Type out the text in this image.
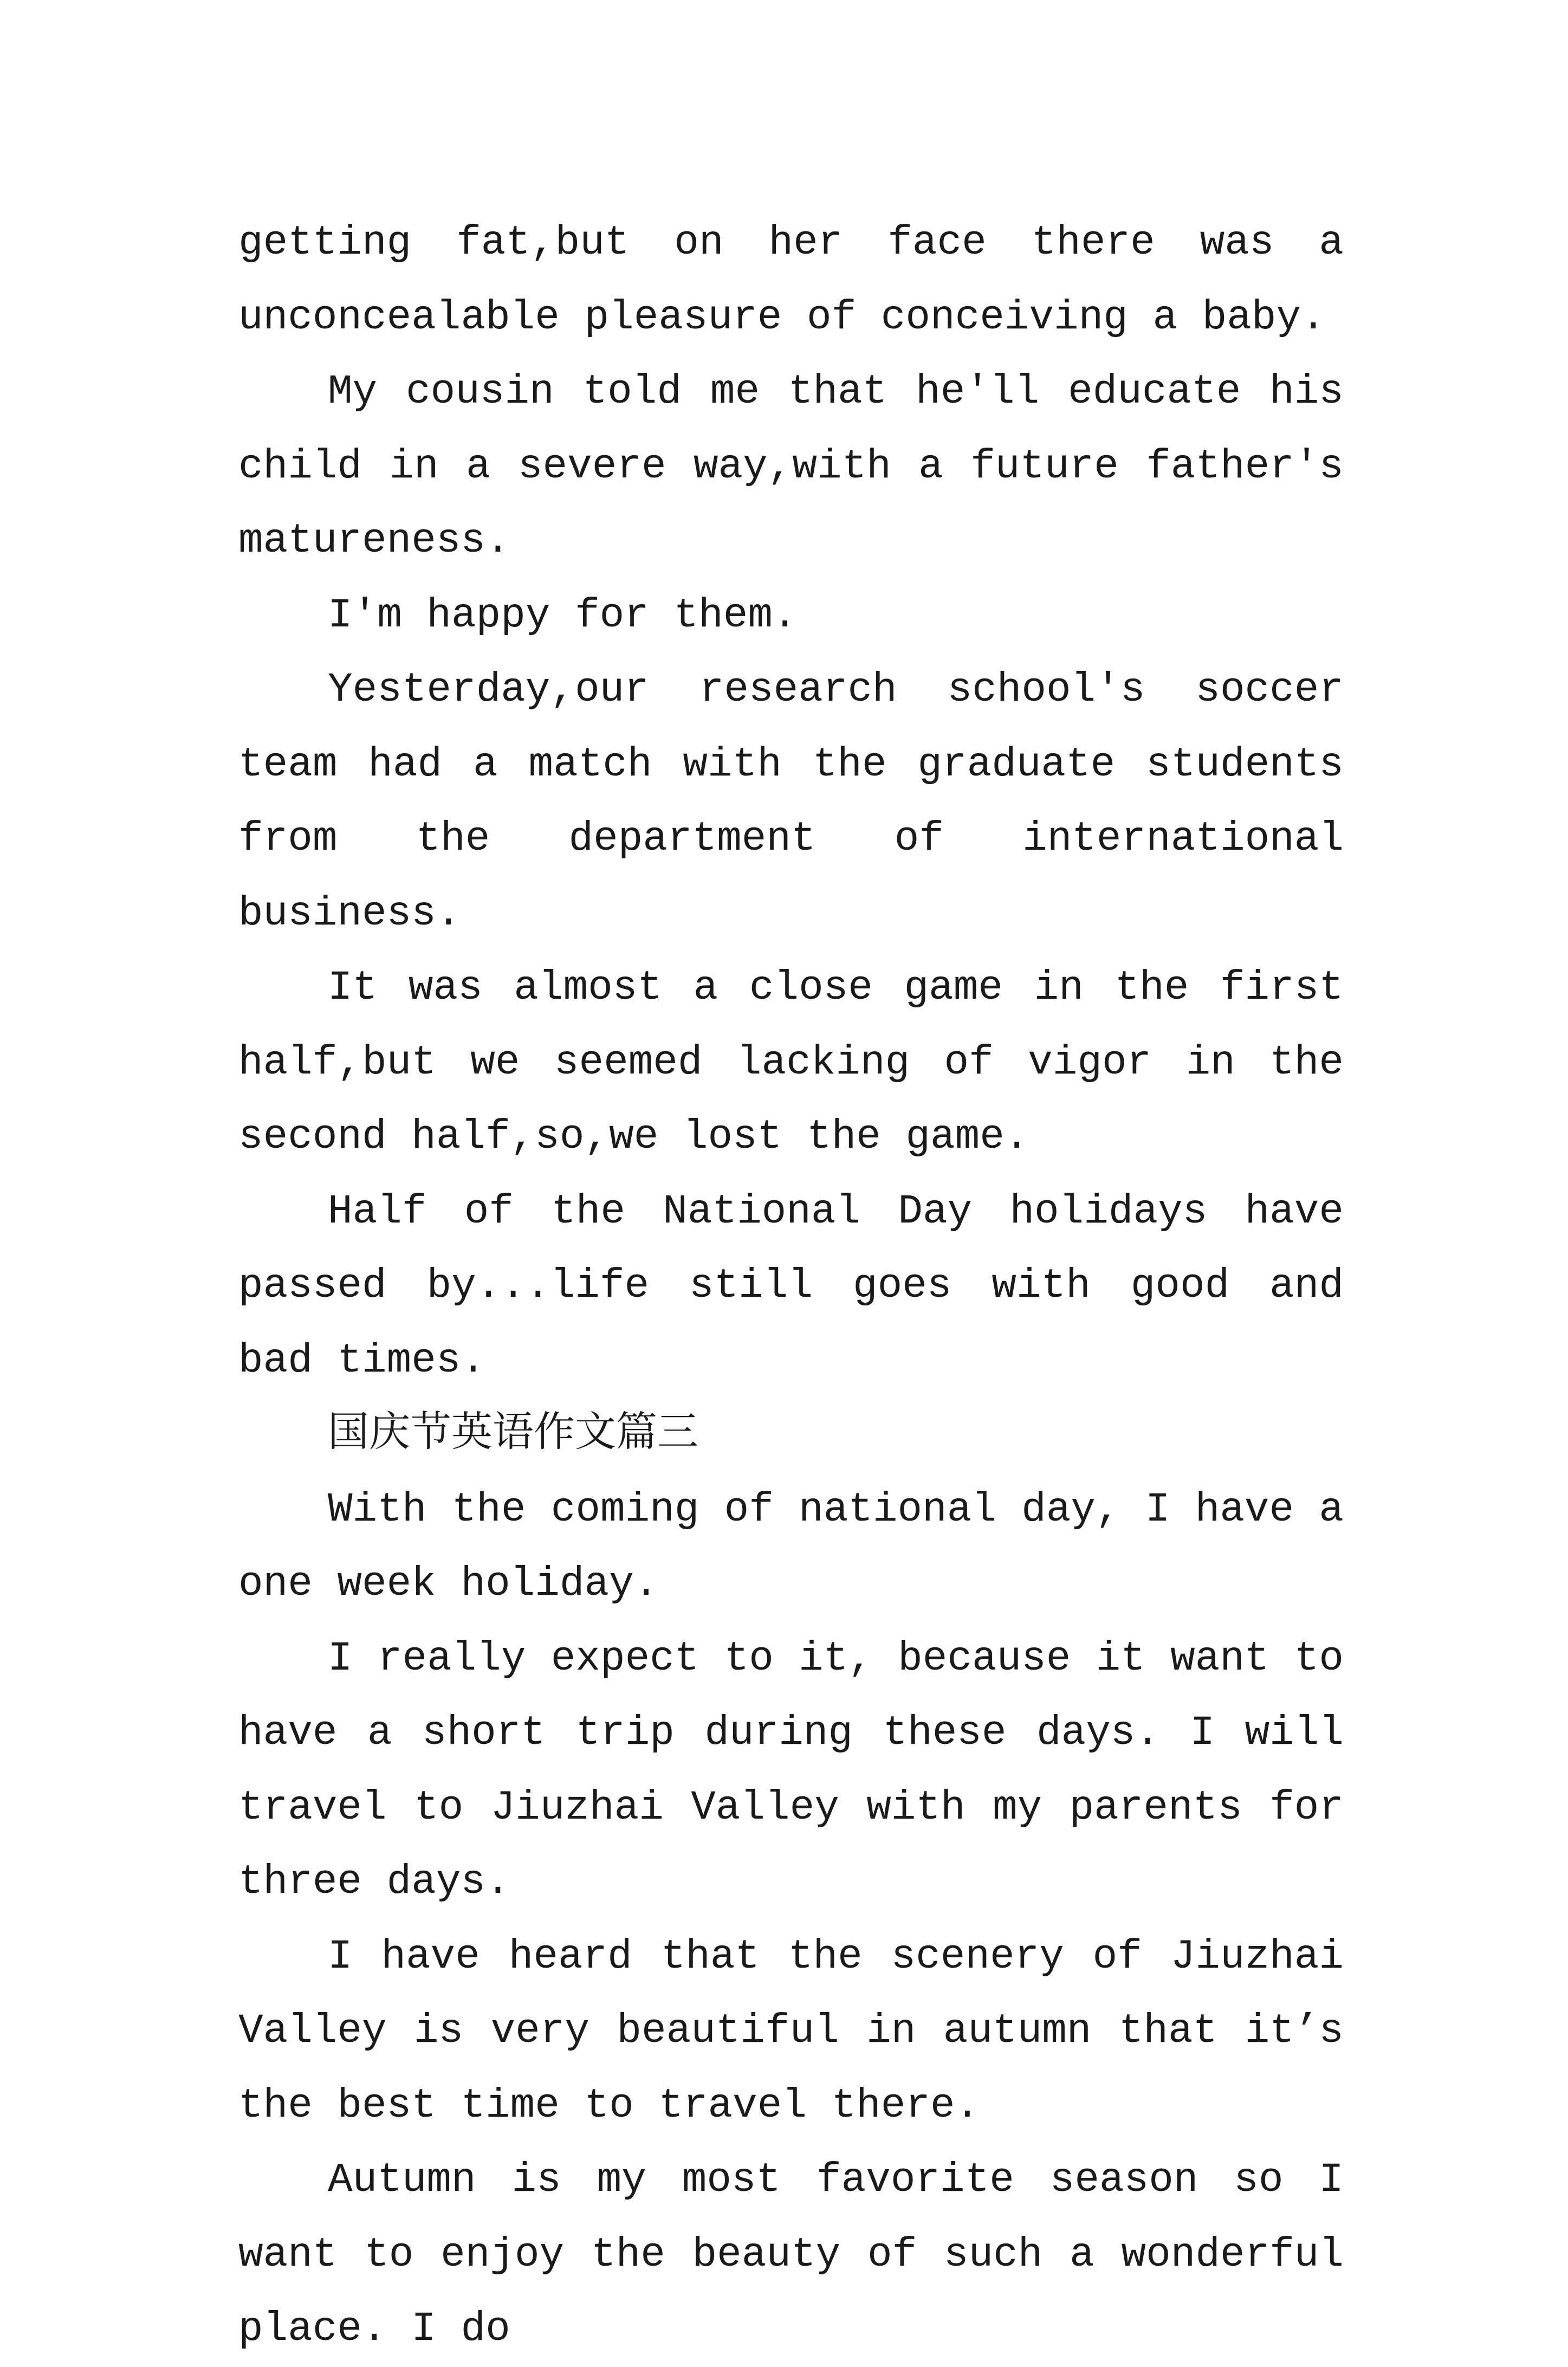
getting fat,but on her face there was a unconcealable pleasure of conceiving a baby.

My cousin told me that he'll educate his child in a severe way,with a future father's matureness.

I'm happy for them.

Yesterday,our research school's soccer team had a match with the graduate students from the department of international business.

It was almost a close game in the first half,but we seemed lacking of vigor in the second half,so,we lost the game.

Half of the National Day holidays have passed by...life still goes with good and bad times.

国庆节英语作文篇三

With the coming of national day, I have a one week holiday.

I really expect to it, because it want to have a short trip during these days. I will travel to Jiuzhai Valley with my parents for three days.

I have heard that the scenery of Jiuzhai Valley is very beautiful in autumn that it’s the best time to travel there.

Autumn is my most favorite season so I want to enjoy the beauty of such a wonderful place. I do
